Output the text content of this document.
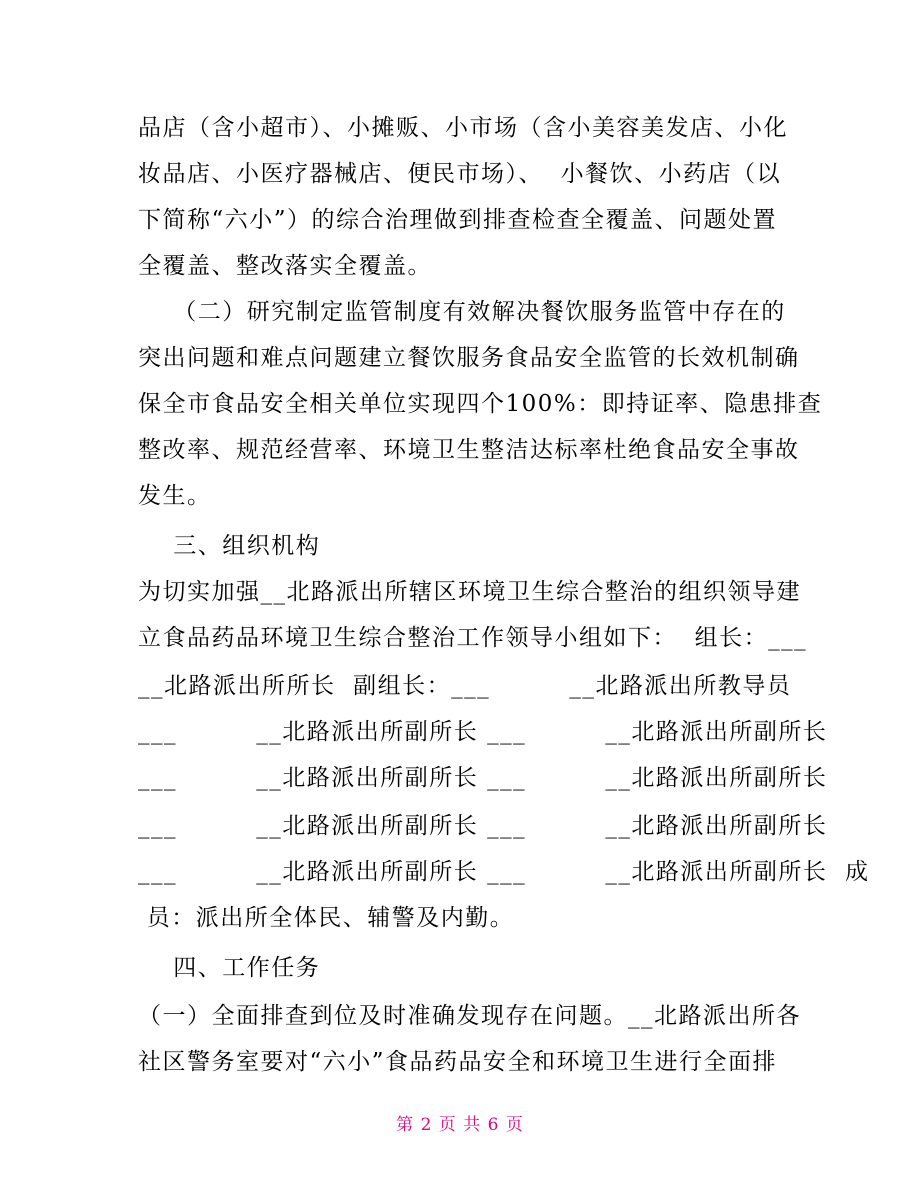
品店（含小超市）、小摊贩、小市场（含小美容美发店、小化
妆品店、小医疗器械店、便民市场）、  小餐饮、小药店（以
下简称“六小”）的综合治理做到排查检查全覆盖、问题处置
全覆盖、整改落实全覆盖。
（二）研究制定监管制度有效解决餐饮服务监管中存在的
突出问题和难点问题建立餐饮服务食品安全监管的长效机制确
保全市食品安全相关单位实现四个100%：即持证率、隐患排查
整改率、规范经营率、环境卫生整洁达标率杜绝食品安全事故
发生。
三、组织机构
为切实加强__北路派出所辖区环境卫生综合整治的组织领导建
立食品药品环境卫生综合整治工作领导小组如下：  组长：___
__北路派出所所长  副组长：___         __北路派出所教导员
___         __北路派出所副所长 ___         __北路派出所副所长
___         __北路派出所副所长 ___         __北路派出所副所长
___         __北路派出所副所长 ___         __北路派出所副所长
___         __北路派出所副所长 ___         __北路派出所副所长  成
员：派出所全体民、辅警及内勤。
四、工作任务
（一）全面排查到位及时准确发现存在问题。__北路派出所各
社区警务室要对“六小”食品药品安全和环境卫生进行全面排
第 2 页 共 6 页
